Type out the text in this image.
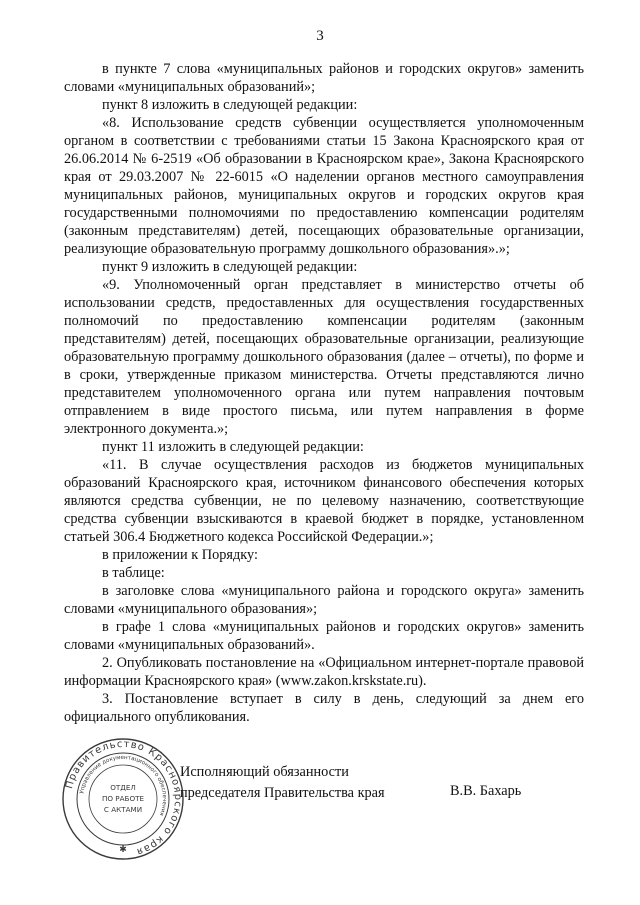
3

в пункте 7 слова «муниципальных районов и городских округов» заменить словами «муниципальных образований»;

пункт 8 изложить в следующей редакции:

«8. Использование средств субвенции осуществляется уполномоченным органом в соответствии с требованиями статьи 15 Закона Красноярского края от 26.06.2014 № 6-2519 «Об образовании в Красноярском крае», Закона Красноярского края от 29.03.2007 № 22-6015 «О наделении органов местного самоуправления муниципальных районов, муниципальных округов и городских округов края государственными полномочиями по предоставлению компенсации родителям (законным представителям) детей, посещающих образовательные организации, реализующие образовательную программу дошкольного образования».»;

пункт 9 изложить в следующей редакции:

«9. Уполномоченный орган представляет в министерство отчеты об использовании средств, предоставленных для осуществления государственных полномочий по предоставлению компенсации родителям (законным представителям) детей, посещающих образовательные организации, реализующие образовательную программу дошкольного образования (далее – отчеты), по форме и в сроки, утвержденные приказом министерства. Отчеты представляются лично представителем уполномоченного органа или путем направления почтовым отправлением в виде простого письма, или путем направления в форме электронного документа.»;

пункт 11 изложить в следующей редакции:

«11. В случае осуществления расходов из бюджетов муниципальных образований Красноярского края, источником финансового обеспечения которых являются средства субвенции, не по целевому назначению, соответствующие средства субвенции взыскиваются в краевой бюджет в порядке, установленном статьей 306.4 Бюджетного кодекса Российской Федерации.»;

в приложении к Порядку:

в таблице:

в заголовке слова «муниципального района и городского округа» заменить словами «муниципального образования»;

в графе 1 слова «муниципальных районов и городских округов» заменить словами «муниципальных образований».

2. Опубликовать постановление на «Официальном интернет-портале правовой информации Красноярского края» (www.zakon.krskstate.ru).

3. Постановление вступает в силу в день, следующий за днем его официального опубликования.

Правительство Красноярского края
Управление документационного обеспечения
ОТДЕЛ
ПО РАБОТЕ
С АКТАМИ
✱
Исполняющий обязанности
председателя Правительства края	В.В. Бахарь
